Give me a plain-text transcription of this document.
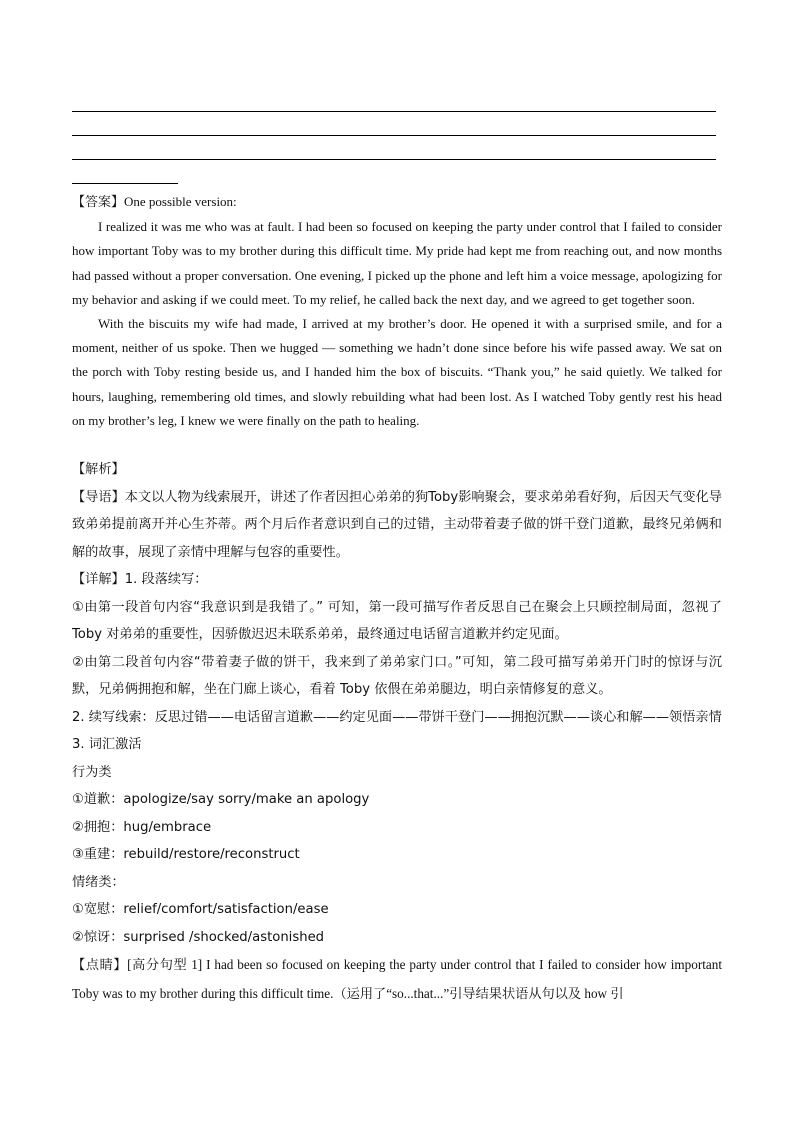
【答案】One possible version:

I realized it was me who was at fault. I had been so focused on keeping the party under control that I failed to consider how important Toby was to my brother during this difficult time. My pride had kept me from reaching out, and now months had passed without a proper conversation. One evening, I picked up the phone and left him a voice message, apologizing for my behavior and asking if we could meet. To my relief, he called back the next day, and we agreed to get together soon.

With the biscuits my wife had made, I arrived at my brother’s door. He opened it with a surprised smile, and for a moment, neither of us spoke. Then we hugged — something we hadn’t done since before his wife passed away. We sat on the porch with Toby resting beside us, and I handed him the box of biscuits. “Thank you,” he said quietly. We talked for hours, laughing, remembering old times, and slowly rebuilding what had been lost. As I watched Toby gently rest his head on my brother’s leg, I knew we were finally on the path to healing.

【解析】

【导语】本文以人物为线索展开，讲述了作者因担心弟弟的狗Toby影响聚会，要求弟弟看好狗，后因天气变化导致弟弟提前离开并心生芥蒂。两个月后作者意识到自己的过错，主动带着妻子做的饼干登门道歉，最终兄弟俩和解的故事，展现了亲情中理解与包容的重要性。

【详解】1. 段落续写：

①由第一段首句内容“我意识到是我错了。” 可知，第一段可描写作者反思自己在聚会上只顾控制局面，忽视了 Toby 对弟弟的重要性，因骄傲迟迟未联系弟弟，最终通过电话留言道歉并约定见面。

②由第二段首句内容“带着妻子做的饼干，我来到了弟弟家门口。”可知，第二段可描写弟弟开门时的惊讶与沉默，兄弟俩拥抱和解，坐在门廊上谈心，看着 Toby 依偎在弟弟腿边，明白亲情修复的意义。

2. 续写线索：反思过错——电话留言道歉——约定见面——带饼干登门——拥抱沉默——谈心和解——领悟亲情

3. 词汇激活

行为类

①道歉：apologize/say sorry/make an apology

②拥抱：hug/embrace

③重建：rebuild/restore/reconstruct

情绪类：

①宽慰：relief/comfort/satisfaction/ease

②惊讶：surprised /shocked/astonished

【点睛】[高分句型 1] I had been so focused on keeping the party under control that I failed to consider how important Toby was to my brother during this difficult time.（运用了“so...that...”引导结果状语从句以及 how 引
